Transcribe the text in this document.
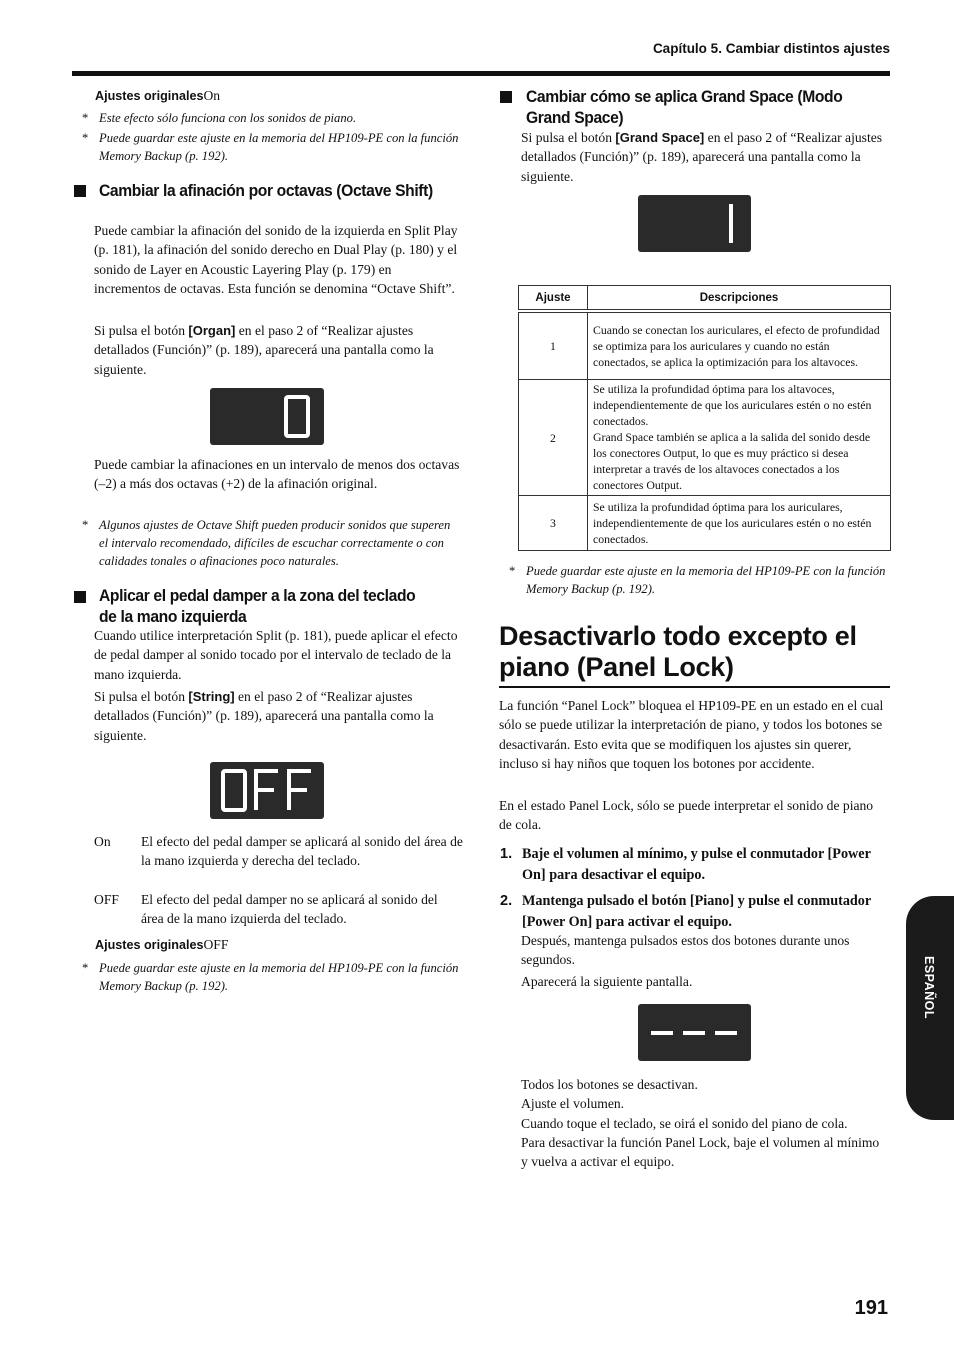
Capítulo 5. Cambiar distintos ajustes
Ajustes originalesOn
* Este efecto sólo funciona con los sonidos de piano.
* Puede guardar este ajuste en la memoria del HP109-PE con la función Memory Backup (p. 192).
Cambiar la afinación por octavas (Octave Shift)
Puede cambiar la afinación del sonido de la izquierda en Split Play (p. 181), la afinación del sonido derecho en Dual Play (p. 180) y el sonido de Layer en Acoustic Layering Play (p. 179) en incrementos de octavas. Esta función se denomina “Octave Shift”.
Si pulsa el botón [Organ] en el paso 2 of “Realizar ajustes detallados (Función)” (p. 189), aparecerá una pantalla como la siguiente.
Puede cambiar la afinaciones en un intervalo de menos dos octavas (–2) a más dos octavas (+2) de la afinación original.
* Algunos ajustes de Octave Shift pueden producir sonidos que superen el intervalo recomendado, difíciles de escuchar correctamente o con calidades tonales o afinaciones poco naturales.
Aplicar el pedal damper a la zona del teclado de la mano izquierda
Cuando utilice interpretación Split (p. 181), puede aplicar el efecto de pedal damper al sonido tocado por el intervalo de teclado de la mano izquierda.
Si pulsa el botón [String] en el paso 2 of “Realizar ajustes detallados (Función)” (p. 189), aparecerá una pantalla como la siguiente.
On El efecto del pedal damper se aplicará al sonido del área de la mano izquierda y derecha del teclado.
OFF El efecto del pedal damper no se aplicará al sonido del área de la mano izquierda del teclado.
Ajustes originalesOFF
* Puede guardar este ajuste en la memoria del HP109-PE con la función Memory Backup (p. 192).
Cambiar cómo se aplica Grand Space (Modo Grand Space)
Si pulsa el botón [Grand Space] en el paso 2 of “Realizar ajustes detallados (Función)” (p. 189), aparecerá una pantalla como la siguiente.
Ajuste	Descripciones

1	Cuando se conectan los auriculares, el efecto de profundidad se optimiza para los auriculares y cuando no están conectados, se aplica la optimización para los altavoces.
2	Se utiliza la profundidad óptima para los altavoces, independientemente de que los auriculares estén o no estén conectados.
Grand Space también se aplica a la salida del sonido desde los conectores Output, lo que es muy práctico si desea interpretar a través de los altavoces conectados a los conectores Output.

3	Se utiliza la profundidad óptima para los auriculares, independientemente de que los auriculares estén o no estén conectados.
* Puede guardar este ajuste en la memoria del HP109-PE con la función Memory Backup (p. 192).
Desactivarlo todo excepto el piano (Panel Lock)
La función “Panel Lock” bloquea el HP109-PE en un estado en el cual sólo se puede utilizar la interpretación de piano, y todos los botones se desactivarán. Esto evita que se modifiquen los ajustes sin querer, incluso si hay niños que toquen los botones por accidente.
En el estado Panel Lock, sólo se puede interpretar el sonido de piano de cola.
1. Baje el volumen al mínimo, y pulse el conmutador [Power On] para desactivar el equipo.
2. Mantenga pulsado el botón [Piano] y pulse el conmutador [Power On] para activar el equipo.
Después, mantenga pulsados estos dos botones durante unos segundos.
Aparecerá la siguiente pantalla.
Todos los botones se desactivan.
Ajuste el volumen.
Cuando toque el teclado, se oirá el sonido del piano de cola.
Para desactivar la función Panel Lock, baje el volumen al mínimo y vuelva a activar el equipo.
ESPAÑOL
191
